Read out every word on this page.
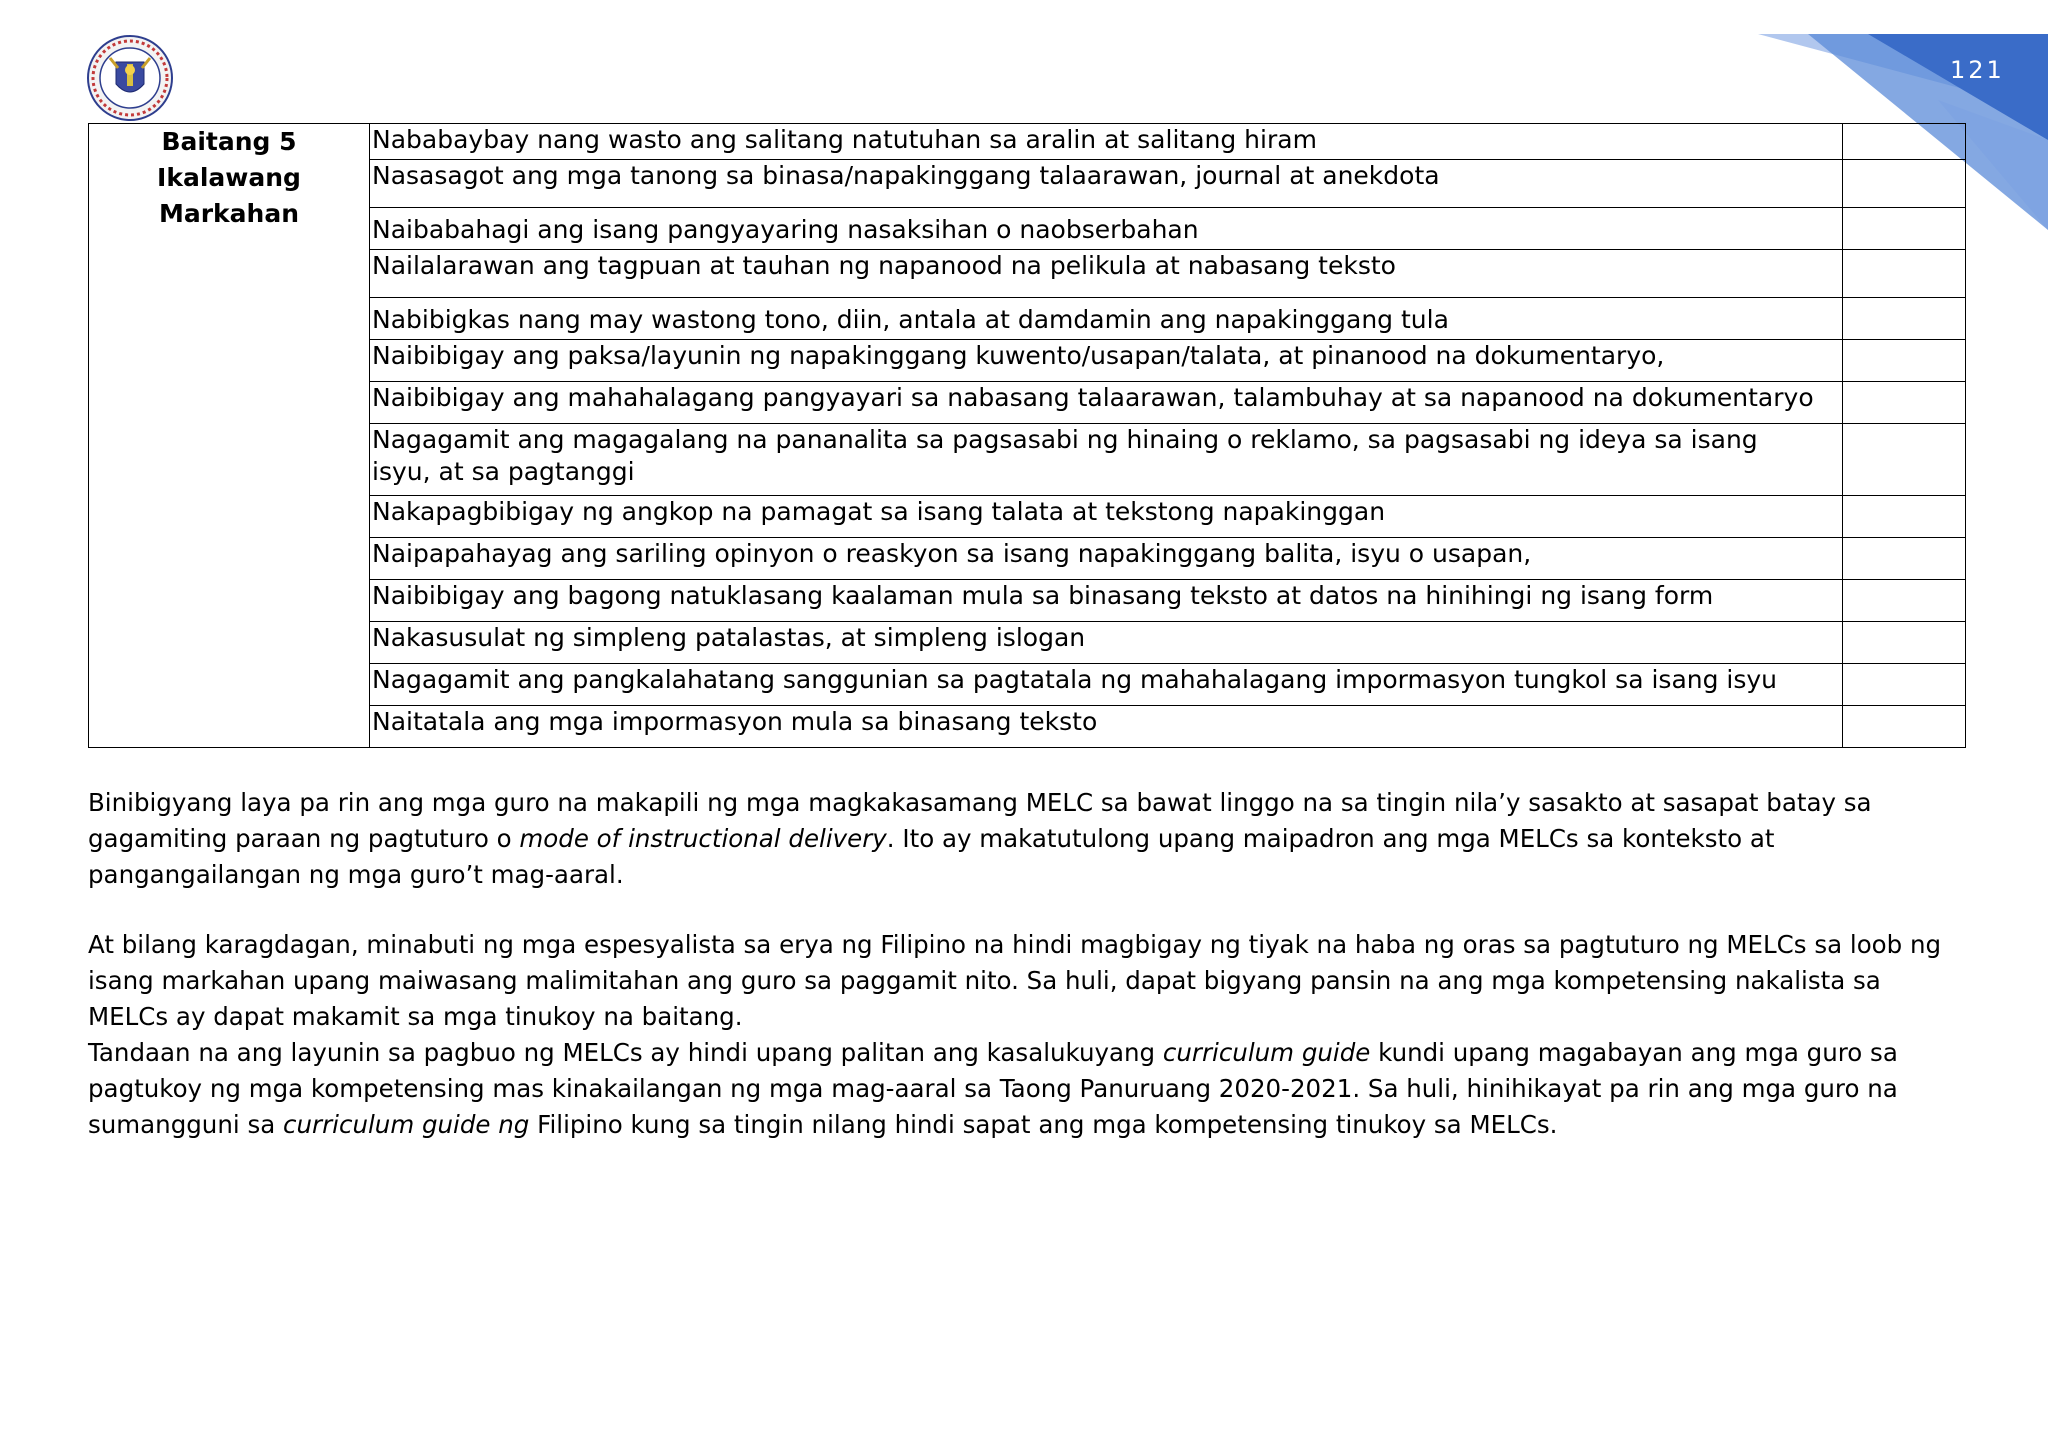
121
Baitang 5
Ikalawang Markahan	Nababaybay nang wasto ang salitang natutuhan sa aralin at salitang hiram	
	Nasasagot ang mga tanong sa binasa/napakinggang talaarawan, journal at anekdota	
	Naibabahagi ang isang pangyayaring nasaksihan o naobserbahan	
	Nailalarawan ang tagpuan at tauhan ng napanood na pelikula at nabasang teksto	
	Nabibigkas nang may wastong tono, diin, antala at damdamin ang napakinggang tula	
	Naibibigay ang paksa/layunin ng napakinggang kuwento/usapan/talata, at pinanood na dokumentaryo,	
	Naibibigay ang mahahalagang pangyayari sa nabasang talaarawan, talambuhay at sa napanood na dokumentaryo	
	Nagagamit ang magagalang na pananalita sa pagsasabi ng hinaing o reklamo, sa pagsasabi ng ideya sa isang isyu, at sa pagtanggi	
	Nakapagbibigay ng angkop na pamagat sa isang talata at tekstong napakinggan	
	Naipapahayag ang sariling opinyon o reaskyon sa isang napakinggang balita, isyu o usapan,	
	Naibibigay ang bagong natuklasang kaalaman mula sa binasang teksto at datos na hinihingi ng isang form	
	Nakasusulat ng simpleng patalastas, at simpleng islogan	
	Nagagamit ang pangkalahatang sanggunian sa pagtatala ng mahahalagang impormasyon tungkol sa isang isyu	
	Naitatala ang mga impormasyon mula sa binasang teksto	

Binibigyang laya pa rin ang mga guro na makapili ng mga magkakasamang MELC sa bawat linggo na sa tingin nila’y sasakto at sasapat batay sa gagamiting paraan ng pagtuturo o mode of instructional delivery. Ito ay makatutulong upang maipadron ang mga MELCs sa konteksto at pangangailangan ng mga guro’t mag-aaral.

At bilang karagdagan, minabuti ng mga espesyalista sa erya ng Filipino na hindi magbigay ng tiyak na haba ng oras sa pagtuturo ng MELCs sa loob ng isang markahan upang maiwasang malimitahan ang guro sa paggamit nito. Sa huli, dapat bigyang pansin na ang mga kompetensing nakalista sa MELCs ay dapat makamit sa mga tinukoy na baitang.

Tandaan na ang layunin sa pagbuo ng MELCs ay hindi upang palitan ang kasalukuyang curriculum guide kundi upang magabayan ang mga guro sa pagtukoy ng mga kompetensing mas kinakailangan ng mga mag-aaral sa Taong Panuruang 2020-2021. Sa huli, hinihikayat pa rin ang mga guro na sumangguni sa curriculum guide ng Filipino kung sa tingin nilang hindi sapat ang mga kompetensing tinukoy sa MELCs.
